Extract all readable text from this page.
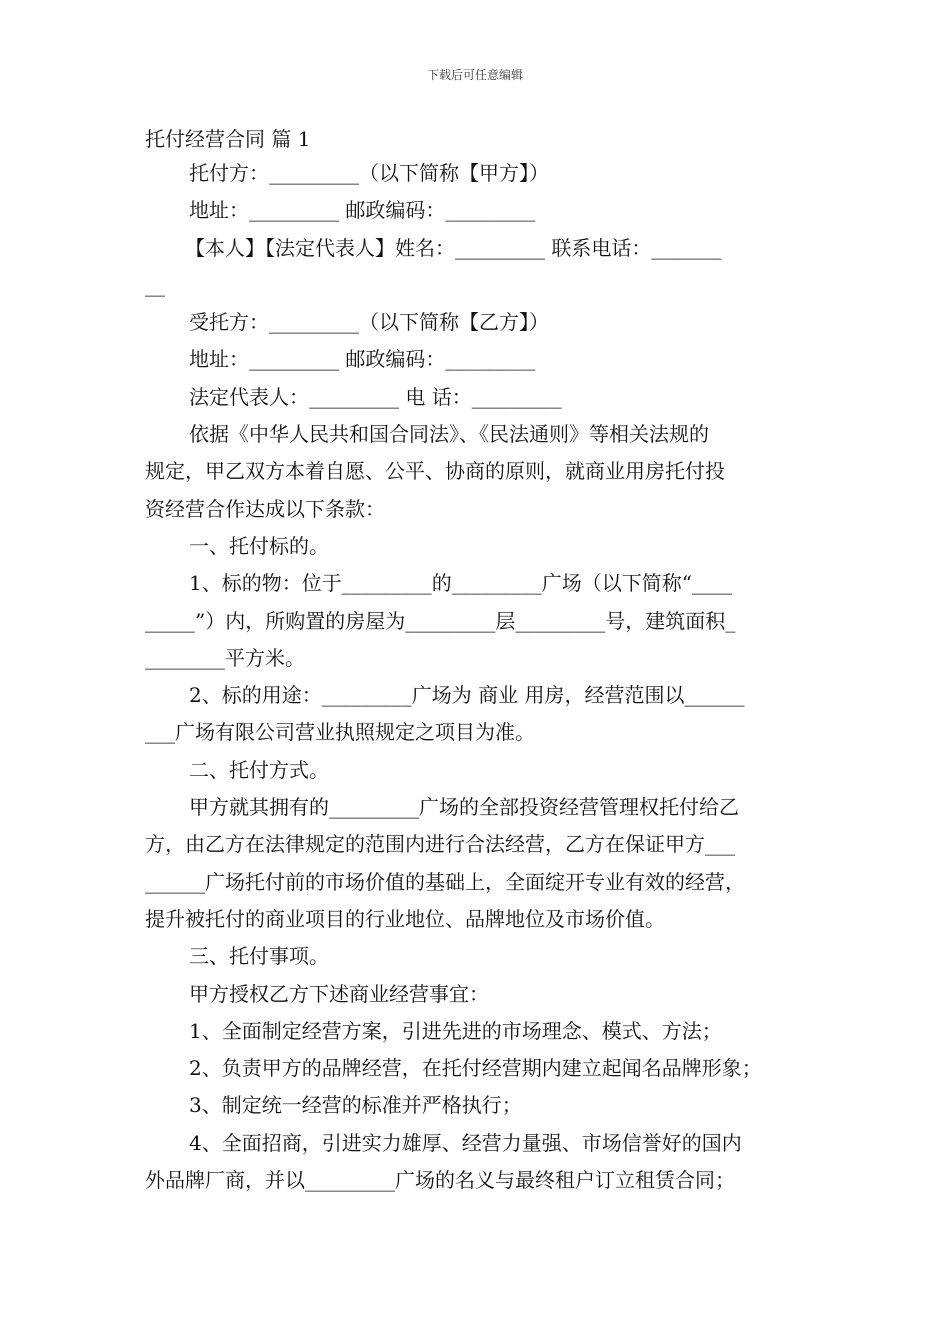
下载后可任意编辑
托付经营合同 篇 1
托付方：_________（以下简称【甲方】）
地址：_________ 邮政编码：_________
【本人】【法定代表人】姓名：_________ 联系电话：_______
__
受托方：_________（以下简称【乙方】）
地址：_________ 邮政编码：_________
法定代表人：_________ 电 话：_________
依据《中华人民共和国合同法》、《民法通则》等相关法规的
规定，甲乙双方本着自愿、公平、协商的原则，就商业用房托付投
资经营合作达成以下条款：
一、托付标的。
1、标的物：位于_________的_________广场（以下简称“____
_____”）内，所购置的房屋为_________层_________号，建筑面积_
________平方米。
2、标的用途：_________广场为 商业 用房，经营范围以______
___广场有限公司营业执照规定之项目为准。
二、托付方式。
甲方就其拥有的_________广场的全部投资经营管理权托付给乙
方，由乙方在法律规定的范围内进行合法经营，乙方在保证甲方___
______广场托付前的市场价值的基础上，全面绽开专业有效的经营，
提升被托付的商业项目的行业地位、品牌地位及市场价值。
三、托付事项。
甲方授权乙方下述商业经营事宜：
1、全面制定经营方案，引进先进的市场理念、模式、方法；
2、负责甲方的品牌经营，在托付经营期内建立起闻名品牌形象；
3、制定统一经营的标准并严格执行；
4、全面招商，引进实力雄厚、经营力量强、市场信誉好的国内
外品牌厂商，并以_________广场的名义与最终租户订立租赁合同；
